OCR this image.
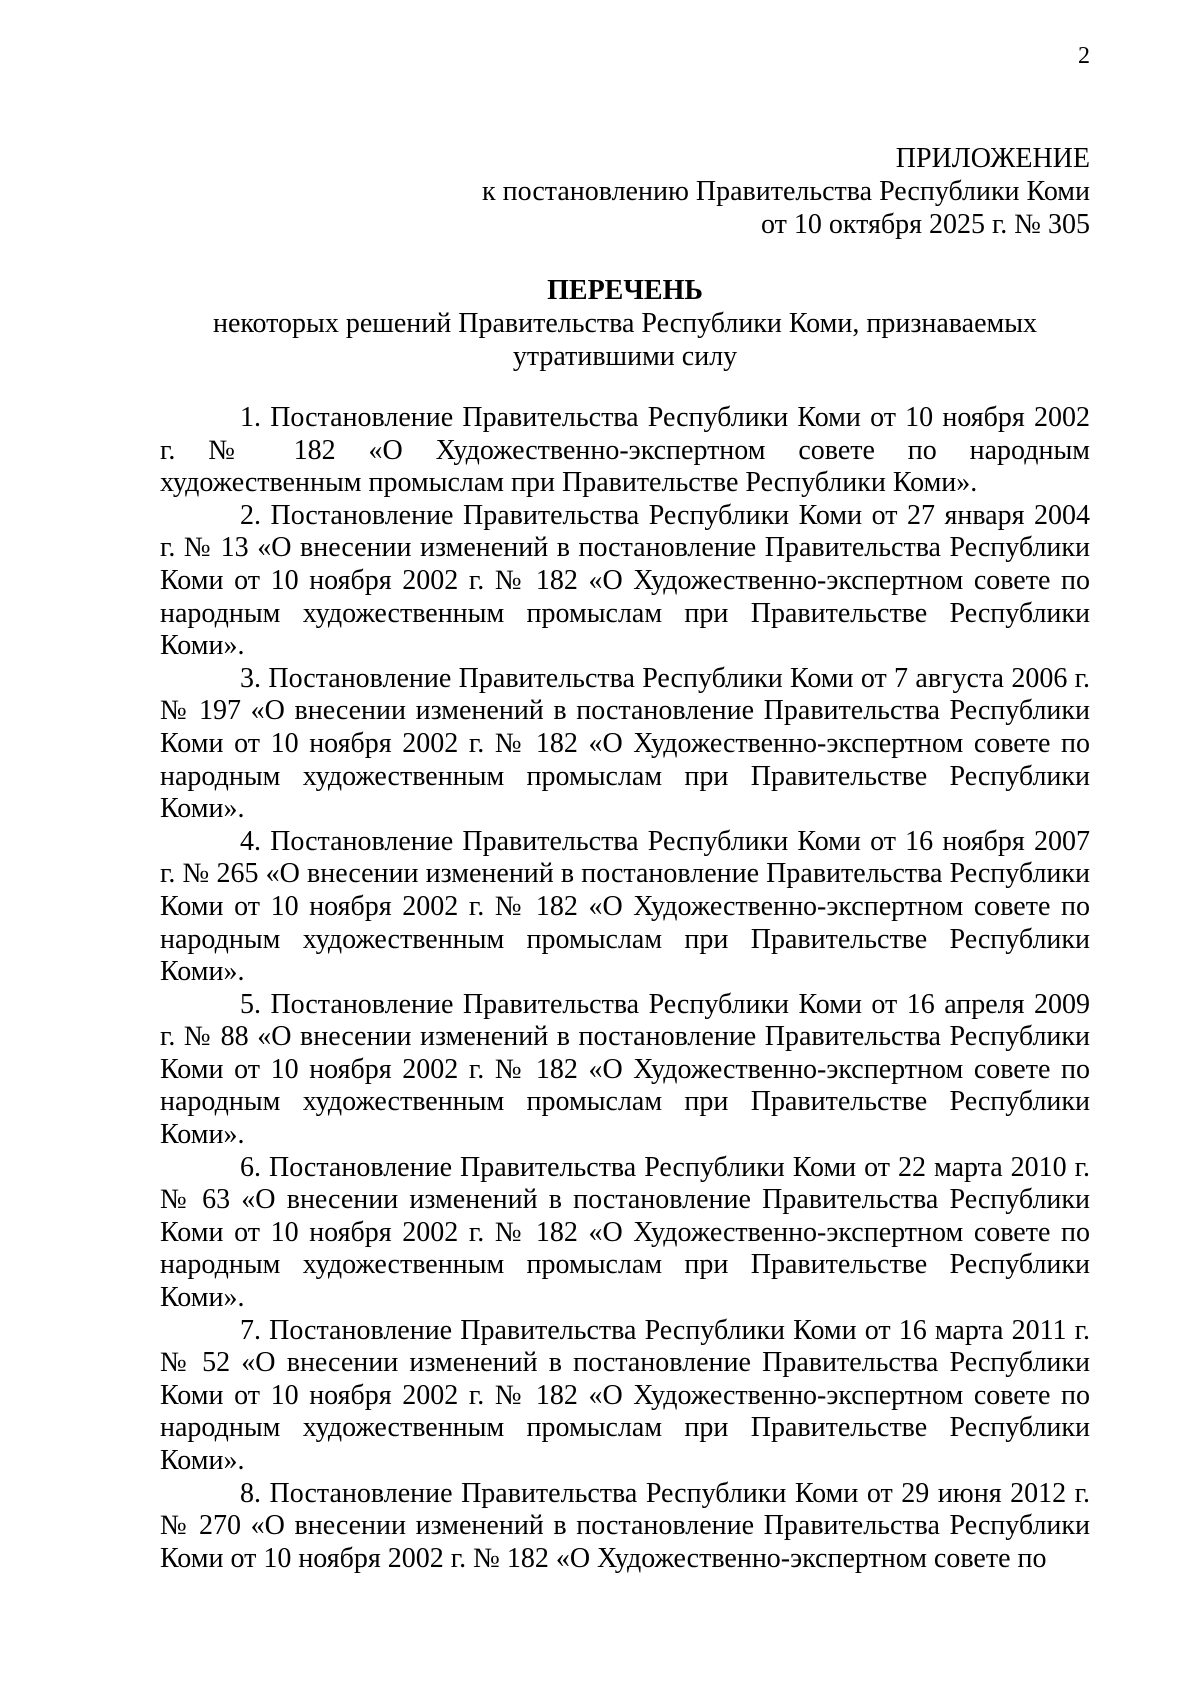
2
ПРИЛОЖЕНИЕ
к постановлению Правительства Республики Коми
от 10 октября 2025 г. № 305
ПЕРЕЧЕНЬ
некоторых решений Правительства Республики Коми, признаваемых
утратившими силу

1. Постановление Правительства Республики Коми от 10 ноября 2002 г. № 182 «О Художественно-экспертном совете по народным художественным промыслам при Правительстве Республики Коми».

2. Постановление Правительства Республики Коми от 27 января 2004 г. № 13 «О внесении изменений в постановление Правительства Республики Коми от 10 ноября 2002 г. № 182 «О Художественно-экспертном совете по народным художественным промыслам при Правительстве Республики Коми».

3. Постановление Правительства Республики Коми от 7 августа 2006 г. № 197 «О внесении изменений в постановление Правительства Республики Коми от 10 ноября 2002 г. № 182 «О Художественно-экспертном совете по народным художественным промыслам при Правительстве Республики Коми».

4. Постановление Правительства Республики Коми от 16 ноября 2007 г. № 265 «О внесении изменений в постановление Правительства Республики Коми от 10 ноября 2002 г. № 182 «О Художественно-экспертном совете по народным художественным промыслам при Правительстве Республики Коми».

5. Постановление Правительства Республики Коми от 16 апреля 2009 г. № 88 «О внесении изменений в постановление Правительства Республики Коми от 10 ноября 2002 г. № 182 «О Художественно-экспертном совете по народным художественным промыслам при Правительстве Республики Коми».

6. Постановление Правительства Республики Коми от 22 марта 2010 г. № 63 «О внесении изменений в постановление Правительства Республики Коми от 10 ноября 2002 г. № 182 «О Художественно-экспертном совете по народным художественным промыслам при Правительстве Республики Коми».

7. Постановление Правительства Республики Коми от 16 марта 2011 г. № 52 «О внесении изменений в постановление Правительства Республики Коми от 10 ноября 2002 г. № 182 «О Художественно-экспертном совете по народным художественным промыслам при Правительстве Республики Коми».

8. Постановление Правительства Республики Коми от 29 июня 2012 г. № 270 «О внесении изменений в постановление Правительства Республики Коми от 10 ноября 2002 г. № 182 «О Художественно-экспертном совете по
